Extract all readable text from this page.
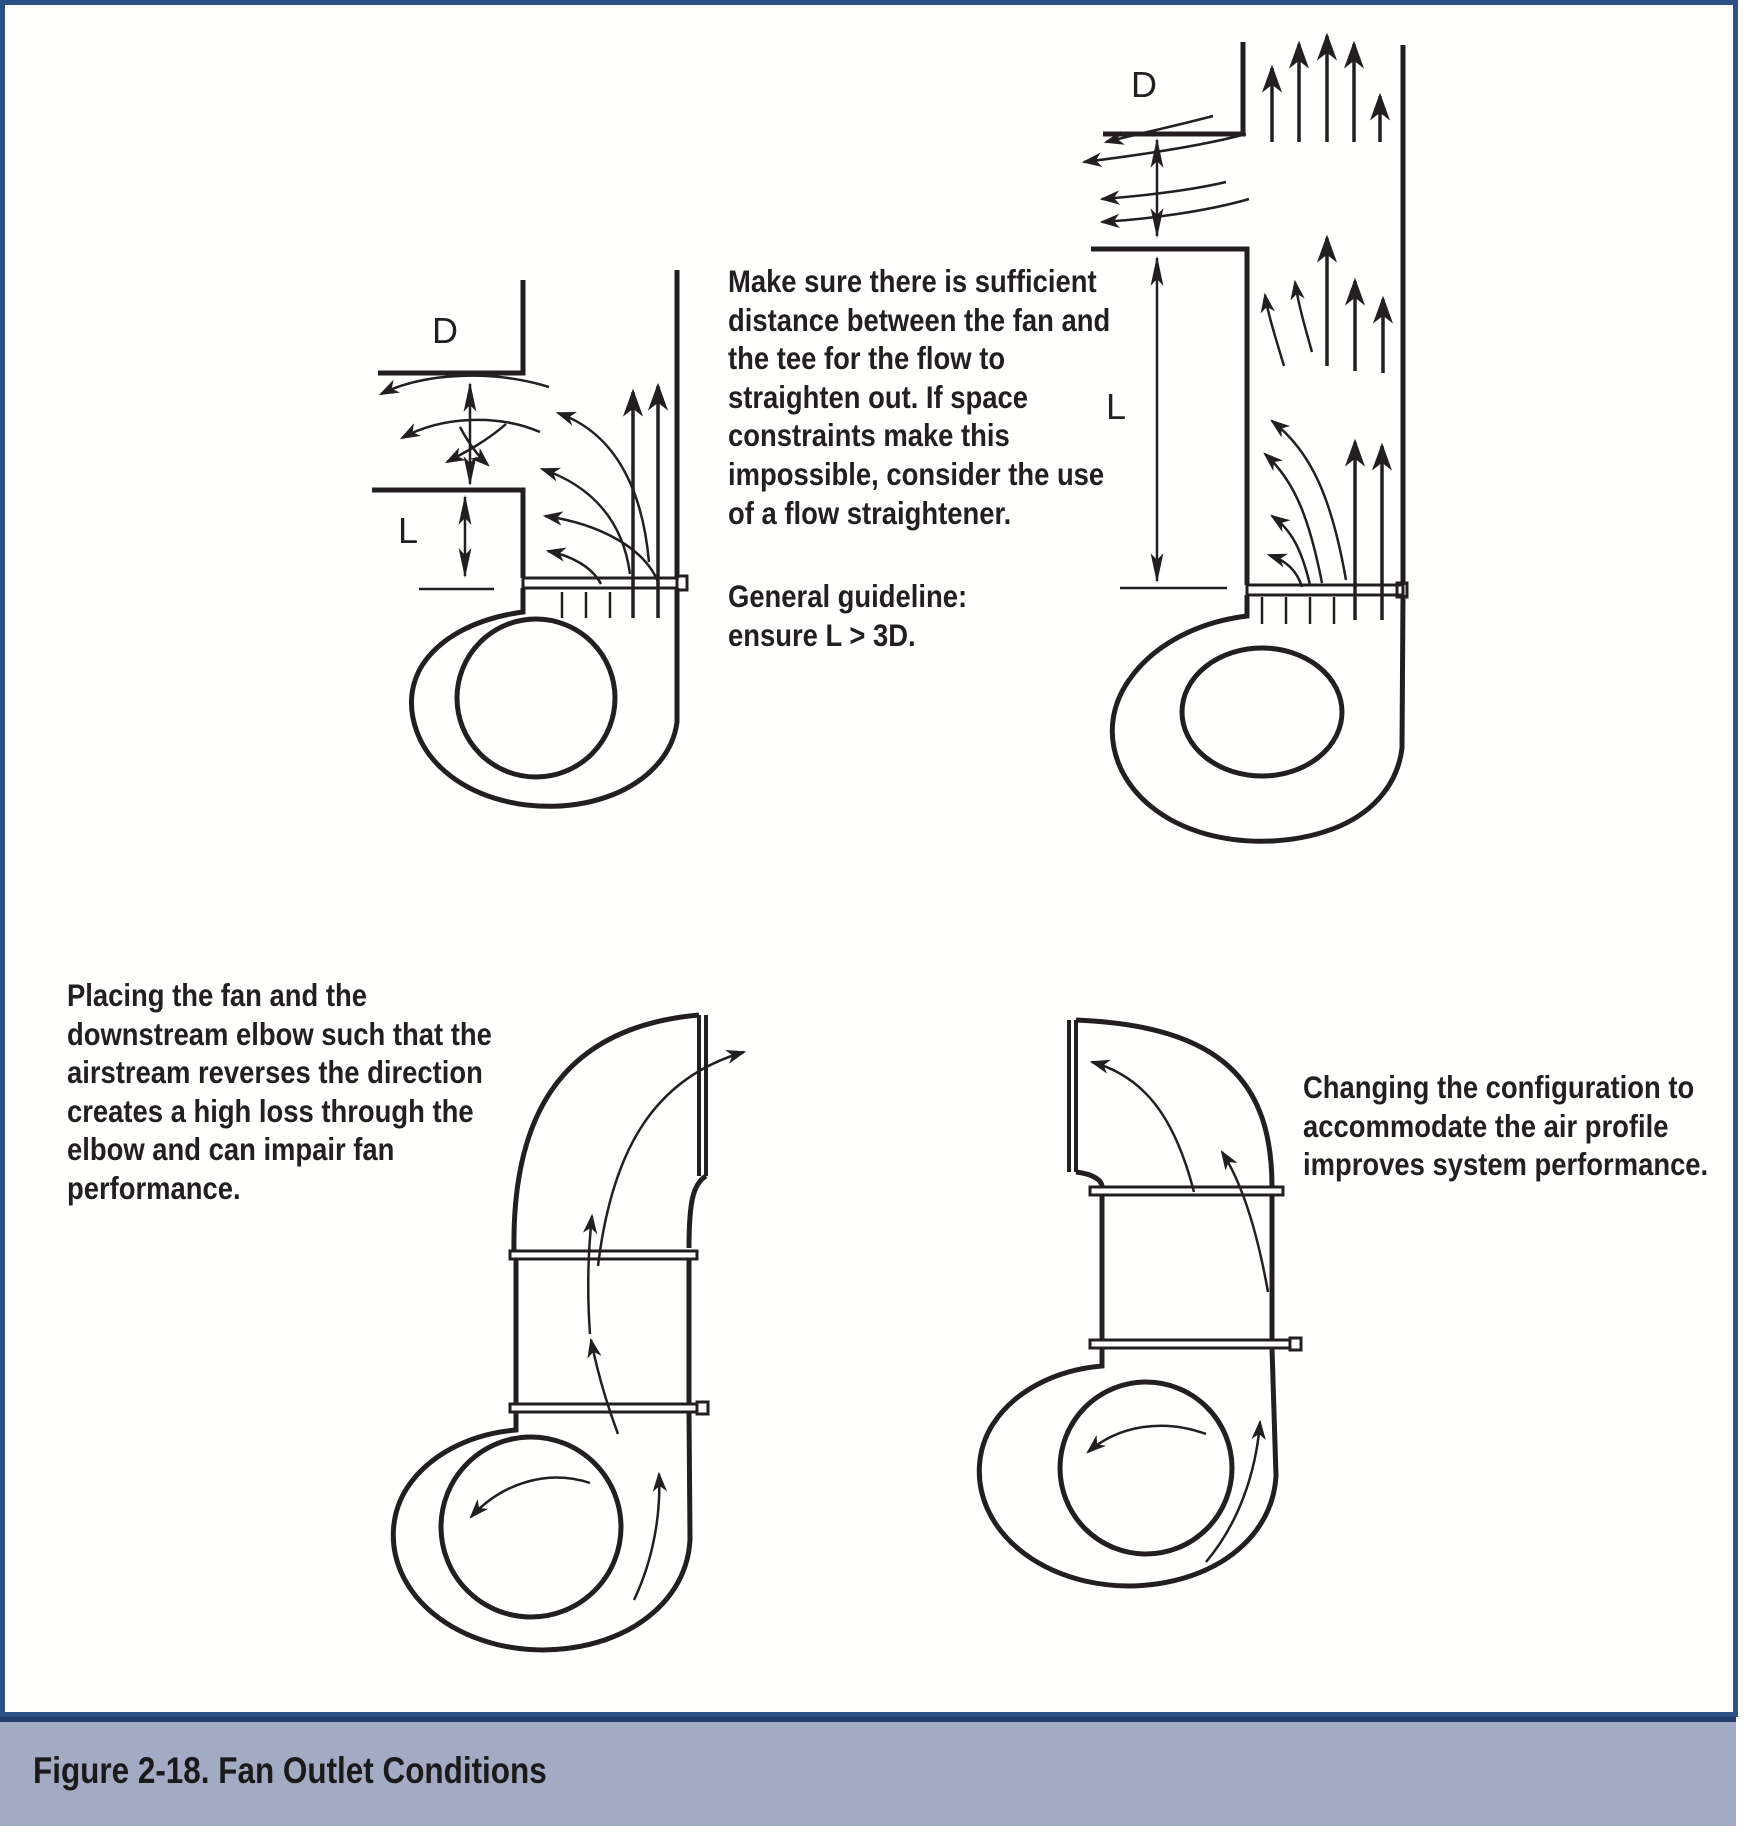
D
L
D
L
Make sure there is sufficient
distance between the fan and
the tee for the flow to
straighten out. If space
constraints make this
impossible, consider the use
of a flow straightener.
General guideline:
ensure L > 3D.
Placing the fan and the
downstream elbow such that the
airstream reverses the direction
creates a high loss through the
elbow and can impair fan
performance.
Changing the configuration to
accommodate the air profile
improves system performance.
Figure 2-18. Fan Outlet Conditions
